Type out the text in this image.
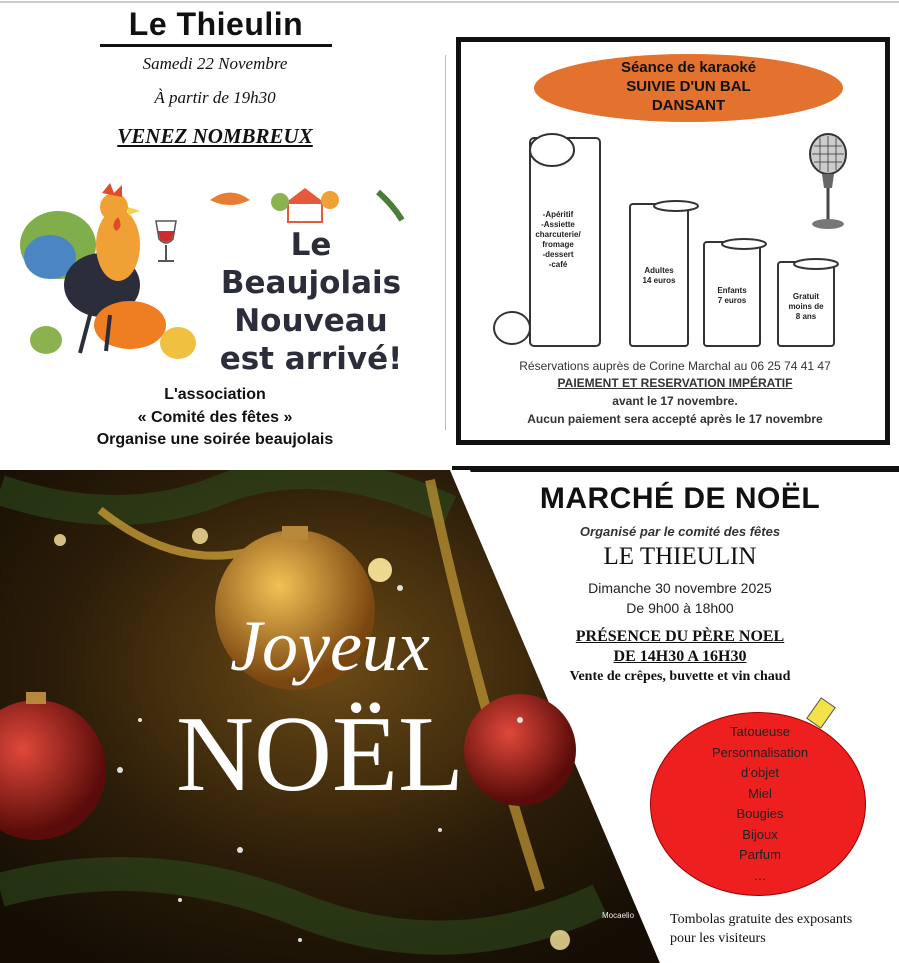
Le Thieulin
Samedi 22 Novembre
À partir de 19h30
VENEZ NOMBREUX
Le Beaujolais
Nouveau
est arrivé!
L'association
« Comité des fêtes »
Organise une soirée beaujolais
Séance de karaoké
SUIVIE D'UN BAL
DANSANT
-Apéritif
-Assiette
charcuterie/
fromage
-dessert
-café
Adultes
14 euros
Enfants
7 euros	Gratuit
moins de
8 ans
Réservations auprès de Corine Marchal au 06 25 74 41 47
PAIEMENT ET RESERVATION IMPÉRATIF
avant le 17 novembre.
Aucun paiement sera accepté après le 17 novembre
Joyeux
NOËL
Mocaelio
MARCHÉ DE NOËL
Organisé par le comité des fêtes
LE THIEULIN
Dimanche 30 novembre 2025
De 9h00 à 18h00
PRÉSENCE DU PÈRE NOEL
DE 14H30 A 16H30
Vente de crêpes, buvette et vin chaud
Tatoueuse
Personnalisation
d'objet
Miel
Bougies
Bijoux
Parfum
…
Tombolas gratuite des exposants
pour les visiteurs
